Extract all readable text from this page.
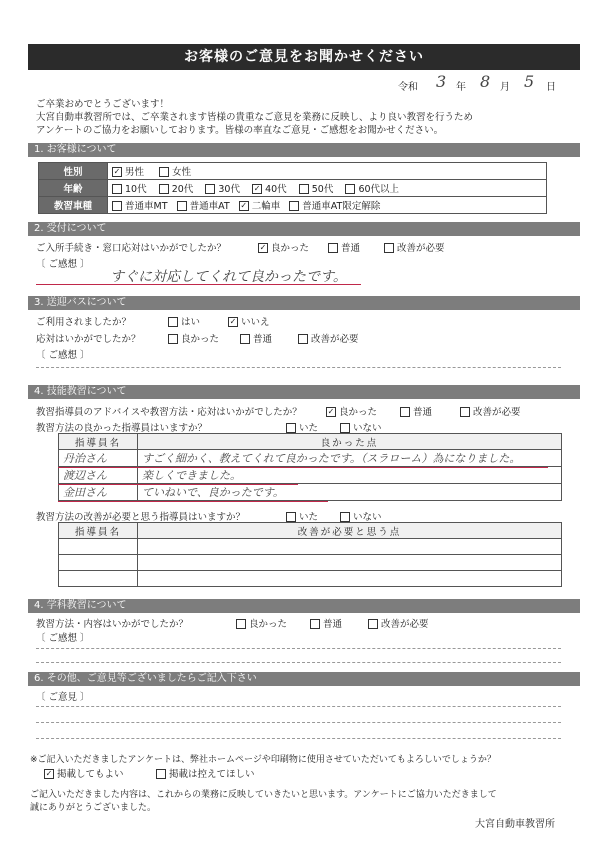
お客様のご意見をお聞かせください
令和 3 年 8 月 5 日
ご卒業おめでとうございます！
大宮自動車教習所では、ご卒業されます皆様の貴重なご意見を業務に反映し、より良い教習を行うため
アンケートのご協力をお願いしております。皆様の率直なご意見・ご感想をお聞かせください。
1. お客様について
性別	✓ 男性 女性
年齢	10代 20代 30代 ✓ 40代 50代 60代以上
教習車種	普通車MT 普通車AT ✓ 二輪車 普通車AT限定解除
2. 受付について
ご入所手続き・窓口応対はいかがでしたか？	✓ 良かった	普通	改善が必要
〔 ご感想 〕
すぐに対応してくれて良かったです。
3. 送迎バスについて
ご利用されましたか？	はい	✓ いいえ
応対はいかがでしたか？	良かった	普通	改善が必要
〔 ご感想 〕
4. 技能教習について
教習指導員のアドバイスや教習方法・応対はいかがでしたか？	✓ 良かった	普通	改善が必要
教習方法の良かった指導員はいますか？	いた	いない
指導員名	良かった点
丹治さん	すごく細かく、教えてくれて良かったです。（スラローム）為になりました。
渡辺さん	楽しくできました。
金田さん	ていねいで、良かったです。
教習方法の改善が必要と思う指導員はいますか？	いた	いない
指導員名	改善が必要と思う点

4. 学科教習について
教習方法・内容はいかがでしたか？	良かった	普通	改善が必要
〔 ご感想 〕
6. その他、ご意見等ございましたらご記入下さい
〔 ご意見 〕
※ご記入いただきましたアンケートは、弊社ホームページや印刷物に使用させていただいてもよろしいでしょうか？
✓ 掲載してもよい	掲載は控えてほしい
ご記入いただきました内容は、これからの業務に反映していきたいと思います。アンケートにご協力いただきまして
誠にありがとうございました。
大宮自動車教習所
